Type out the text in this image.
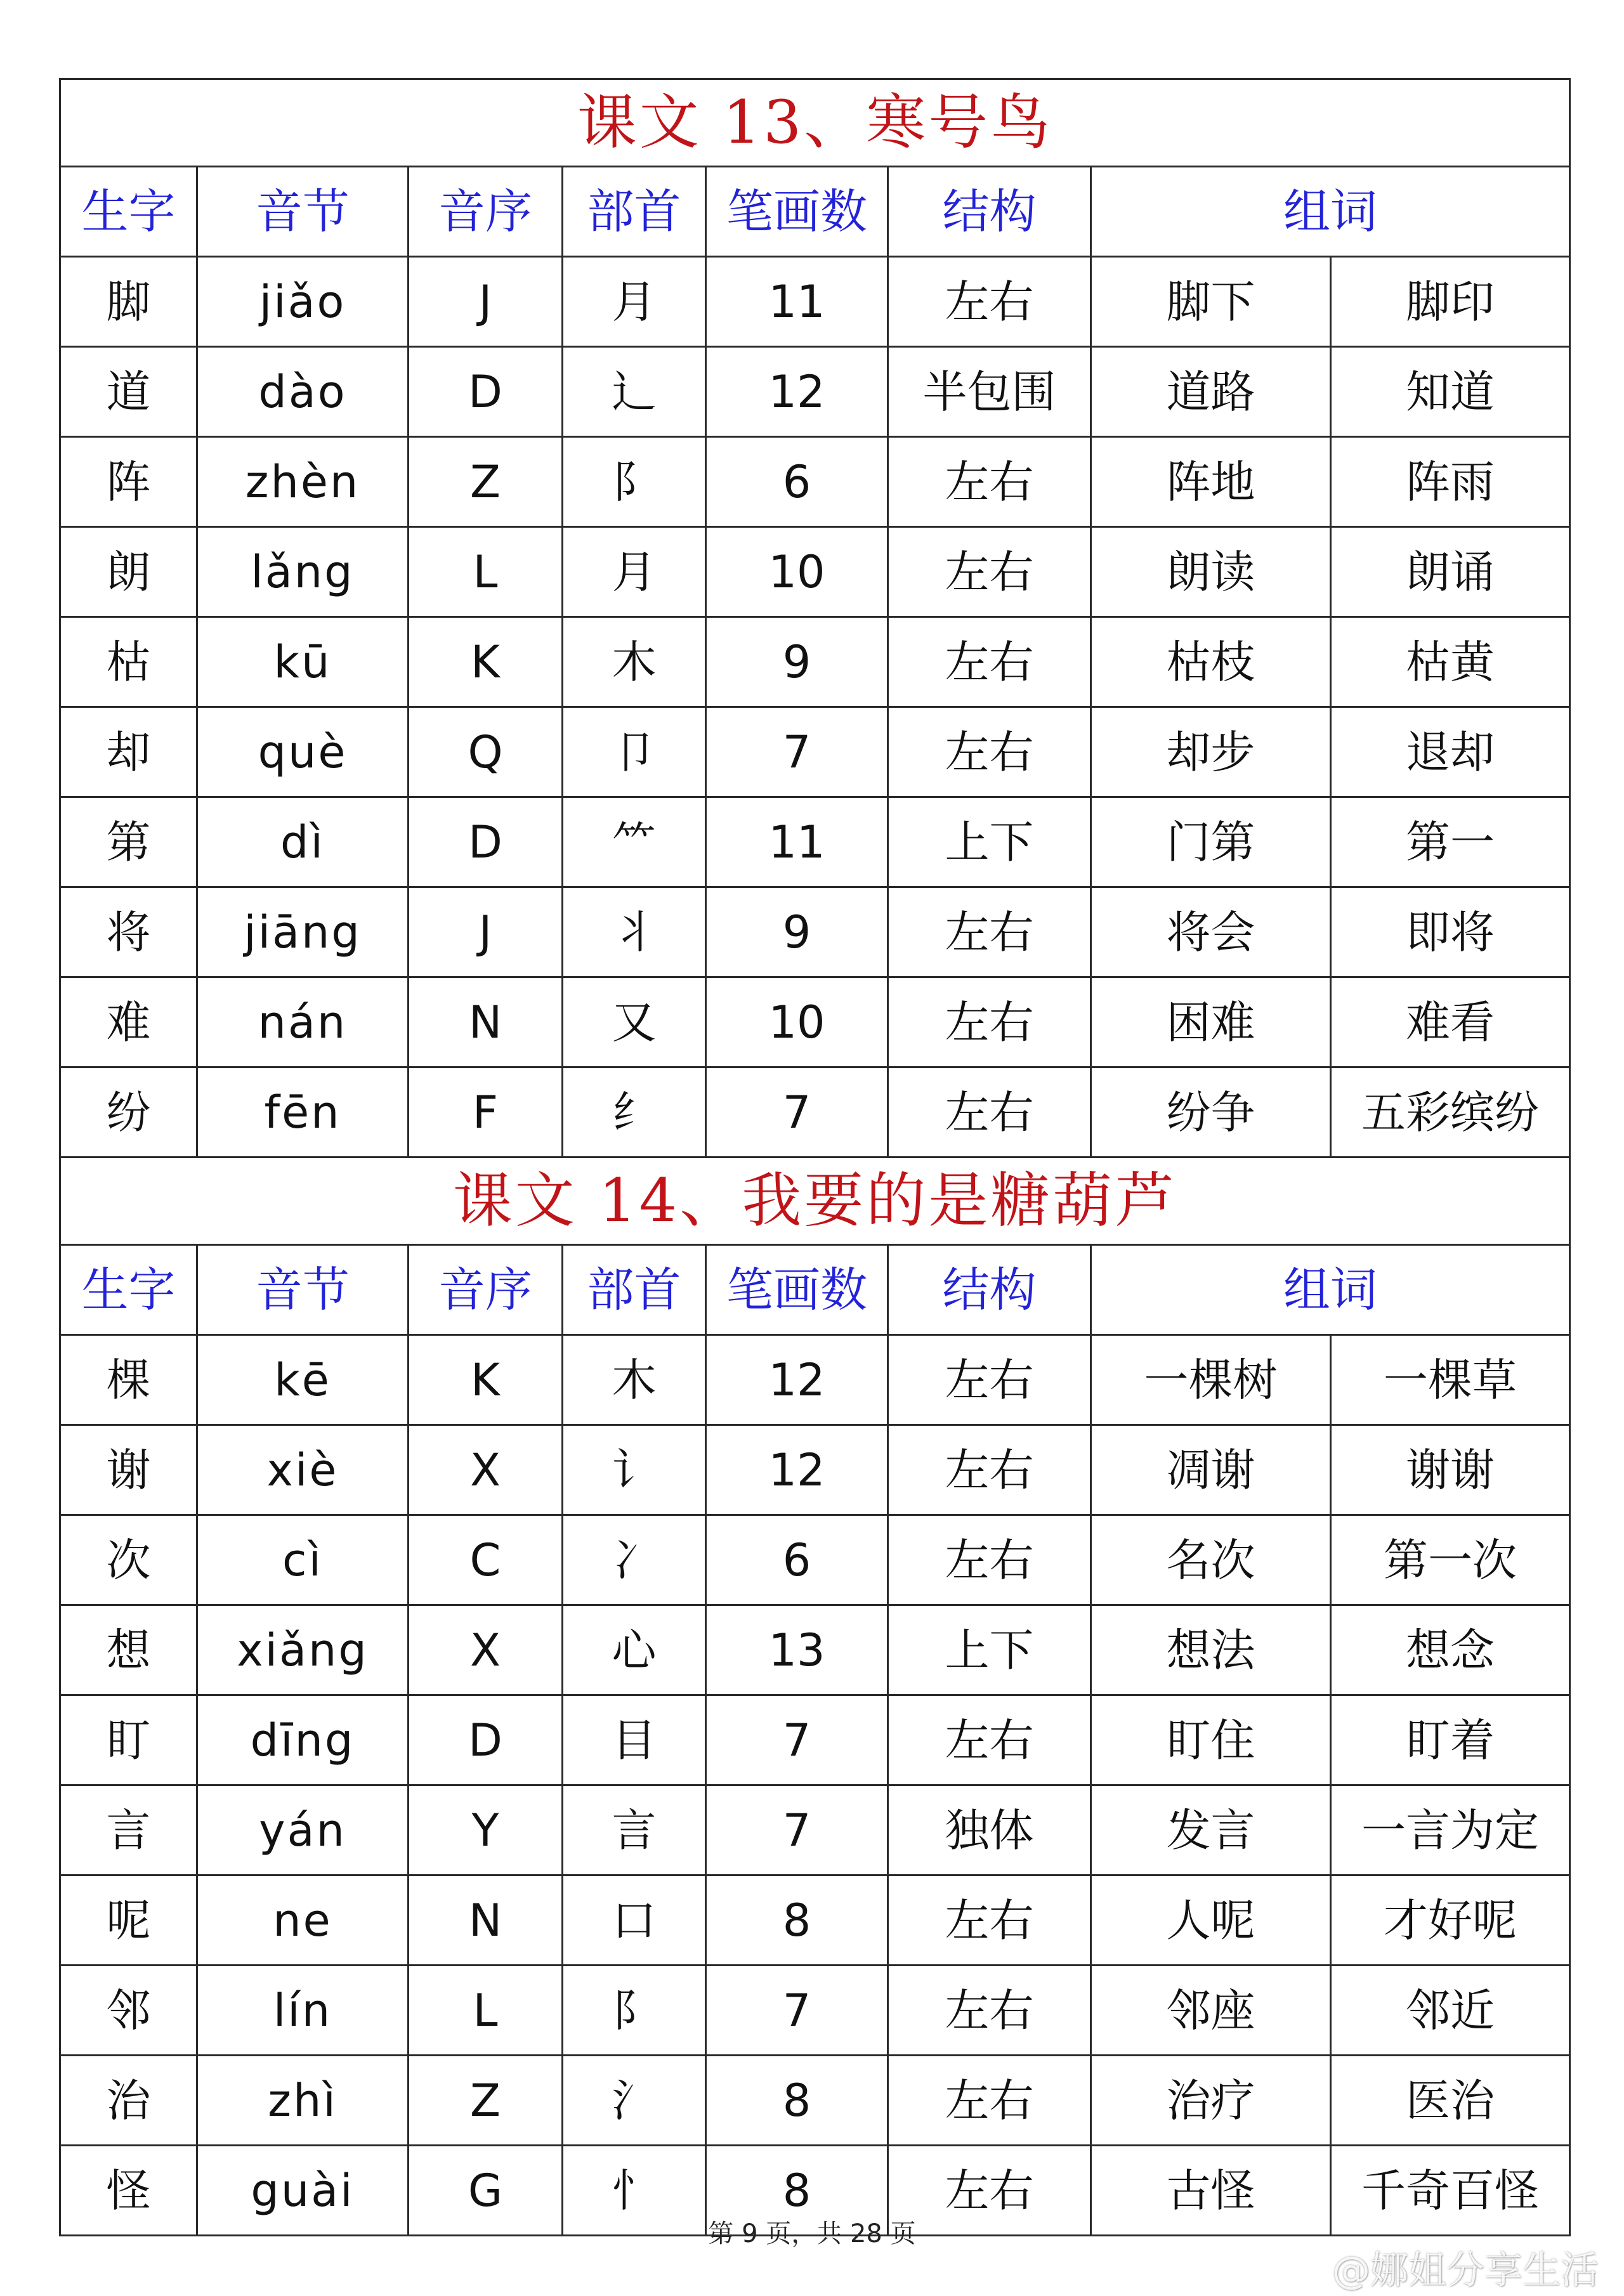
课文 13、寒号鸟							
生字	音节	音序	部首	笔画数	结构	组词	
脚	jiǎo	J	月	11	左右	脚下	脚印
道	dào	D	辶	12	半包围	道路	知道
阵	zhèn	Z	阝	6	左右	阵地	阵雨
朗	lǎng	L	月	10	左右	朗读	朗诵
枯	kū	K	木	9	左右	枯枝	枯黄
却	què	Q	卩	7	左右	却步	退却
第	dì	D	⺮	11	上下	门第	第一
将	jiāng	J	丬	9	左右	将会	即将
难	nán	N	又	10	左右	困难	难看
纷	fēn	F	纟	7	左右	纷争	五彩缤纷
课文 14、我要的是糖葫芦							
生字	音节	音序	部首	笔画数	结构	组词	
棵	kē	K	木	12	左右	一棵树	一棵草
谢	xiè	X	讠	12	左右	凋谢	谢谢
次	cì	C	冫	6	左右	名次	第一次
想	xiǎng	X	心	13	上下	想法	想念
盯	dīng	D	目	7	左右	盯住	盯着
言	yán	Y	言	7	独体	发言	一言为定
呢	ne	N	口	8	左右	人呢	才好呢
邻	lín	L	阝	7	左右	邻座	邻近
治	zhì	Z	氵	8	左右	治疗	医治
怪	guài	G	忄	8	左右	古怪	千奇百怪
第 9 页，共 28 页
@娜姐分享生活
